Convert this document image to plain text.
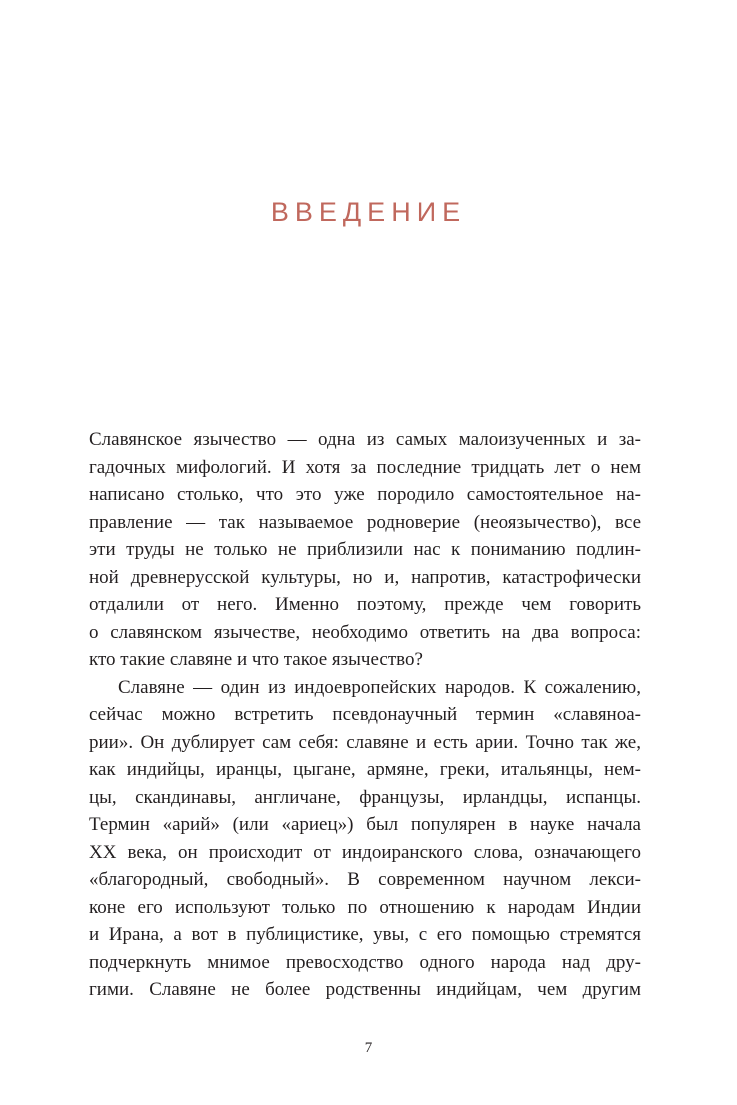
ВВЕДЕНИЕ
Славянское язычество — одна из самых малоизученных и за-
гадочных мифологий. И хотя за последние тридцать лет о нем
написано столько, что это уже породило самостоятельное на-
правление — так называемое родноверие (неоязычество), все
эти труды не только не приблизили нас к пониманию подлин-
ной древнерусской культуры, но и, напротив, катастрофически
отдалили от него. Именно поэтому, прежде чем говорить
о славянском язычестве, необходимо ответить на два вопроса:
кто такие славяне и что такое язычество?
Славяне — один из индоевропейских народов. К сожалению,
сейчас можно встретить псевдонаучный термин «славяноа-
рии». Он дублирует сам себя: славяне и есть арии. Точно так же,
как индийцы, иранцы, цыгане, армяне, греки, итальянцы, нем-
цы, скандинавы, англичане, французы, ирландцы, испанцы.
Термин «арий» (или «ариец») был популярен в науке начала
XX века, он происходит от индоиранского слова, означающего
«благородный, свободный». В современном научном лекси-
коне его используют только по отношению к народам Индии
и Ирана, а вот в публицистике, увы, с его помощью стремятся
подчеркнуть мнимое превосходство одного народа над дру-
гими. Славяне не более родственны индийцам, чем другим
7
